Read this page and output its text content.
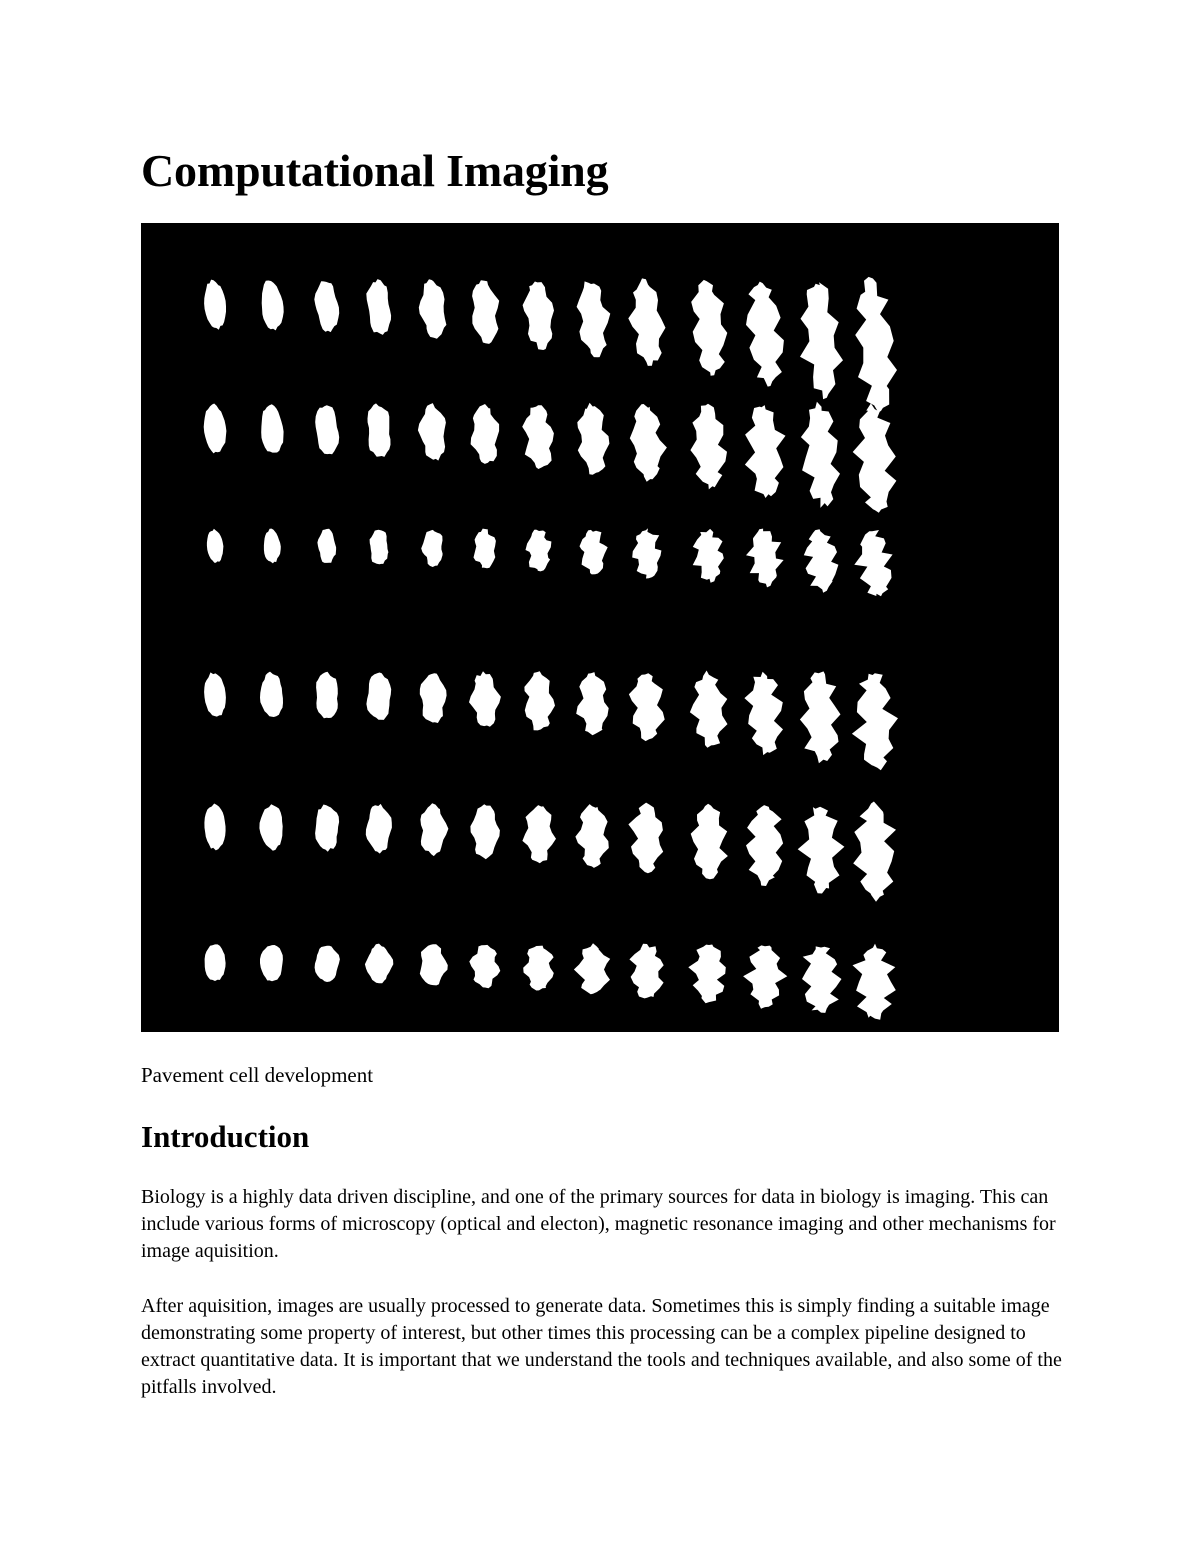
Computational Imaging

Pavement cell development

Introduction

Biology is a highly data driven discipline, and one of the primary sources for data in biology is imaging. This can include various forms of microscopy (optical and electon), magnetic resonance imaging and other mechanisms for image aquisition.

After aquisition, images are usually processed to generate data. Sometimes this is simply finding a suitable image demonstrating some property of interest, but other times this processing can be a complex pipeline designed to extract quantitative data. It is important that we understand the tools and techniques available, and also some of the pitfalls involved.
